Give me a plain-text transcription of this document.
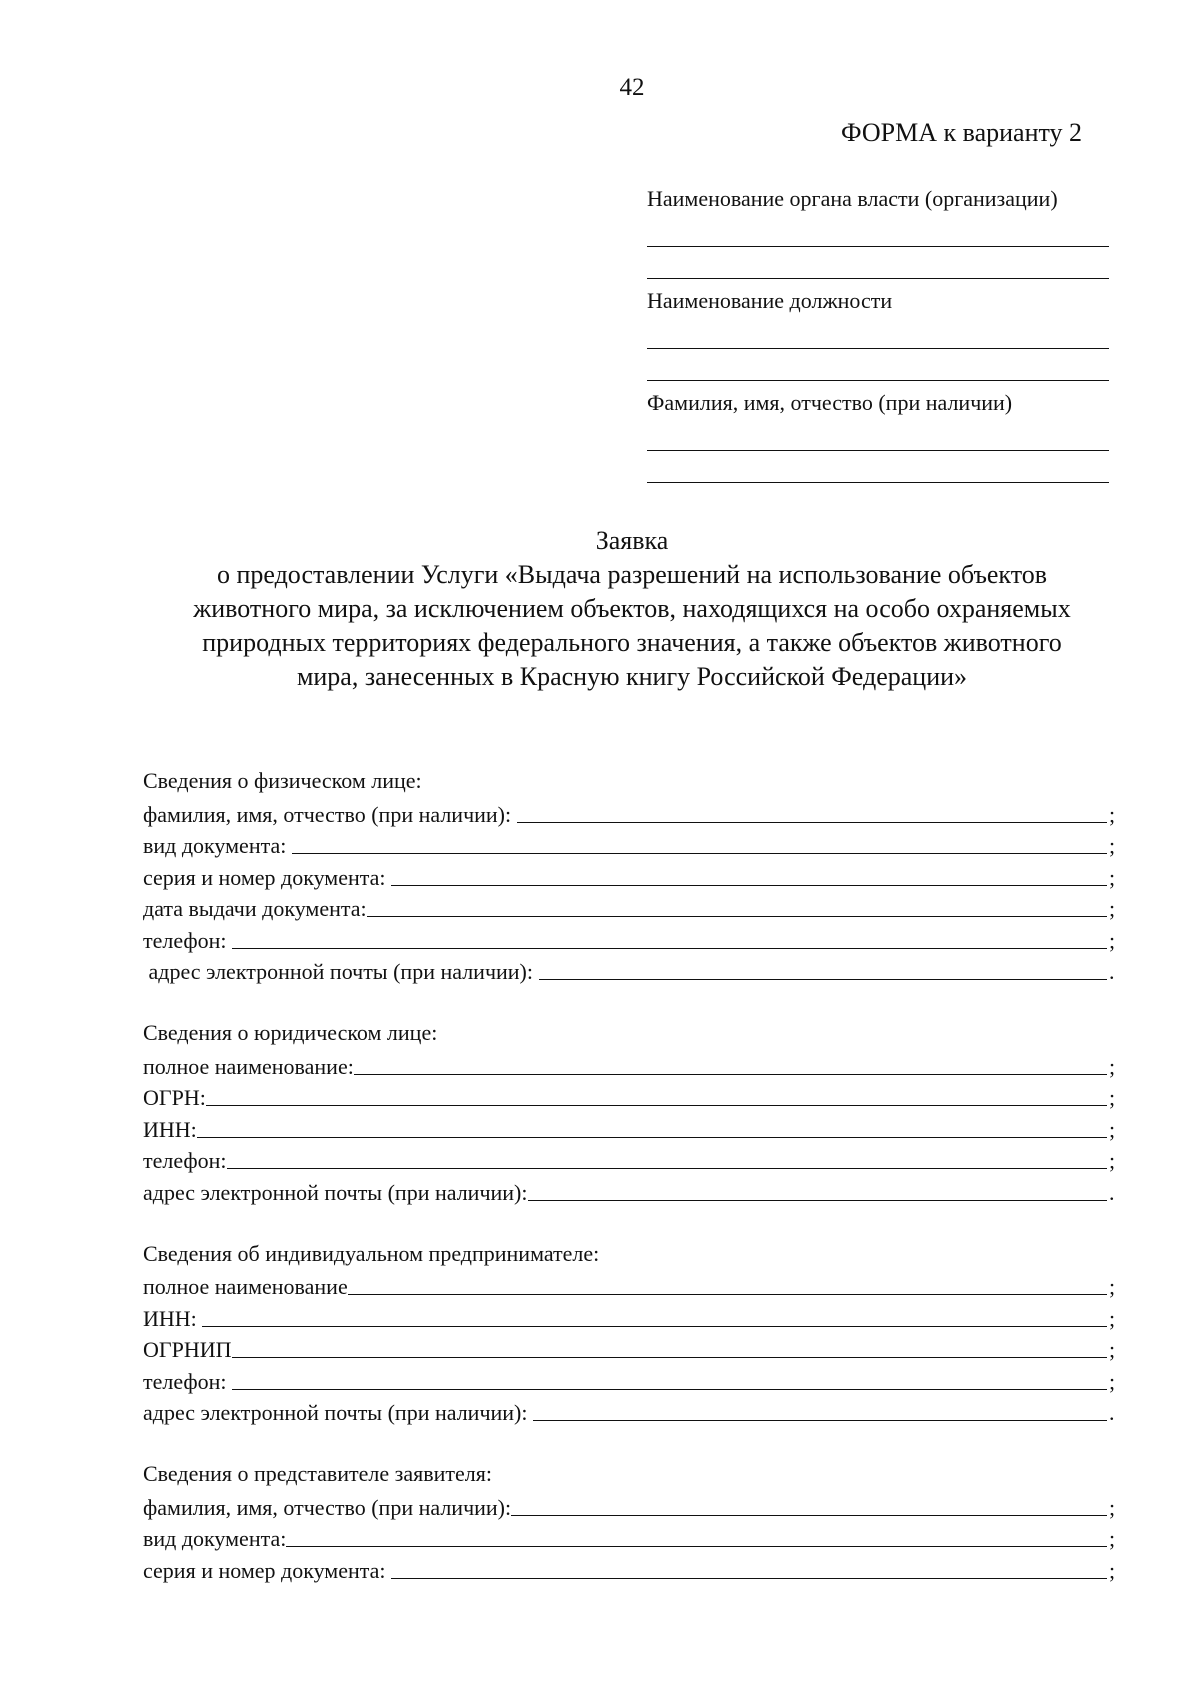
42
ФОРМА к варианту 2
Наименование органа власти (организации)
Наименование должности
Фамилия, имя, отчество (при наличии)
Заявка
о предоставлении Услуги «Выдача разрешений на использование объектов
животного мира, за исключением объектов, находящихся на особо охраняемых
природных территориях федерального значения, а также объектов животного
мира, занесенных в Красную книгу Российской Федерации»
Сведения о физическом лице:
фамилия, имя, отчество (при наличии):	;
вид документа:	;
серия и номер документа:	;
дата выдачи документа:	;
телефон:	;
адрес электронной почты (при наличии):	.
Сведения о юридическом лице:
полное наименование:	;
ОГРН:	;
ИНН:	;
телефон:	;
адрес электронной почты (при наличии):	.
Сведения об индивидуальном предпринимателе:
полное наименование	;
ИНН:	;
ОГРНИП	;
телефон:	;
адрес электронной почты (при наличии):	.
Сведения о представителе заявителя:
фамилия, имя, отчество (при наличии):	;
вид документа:	;
серия и номер документа:	;
